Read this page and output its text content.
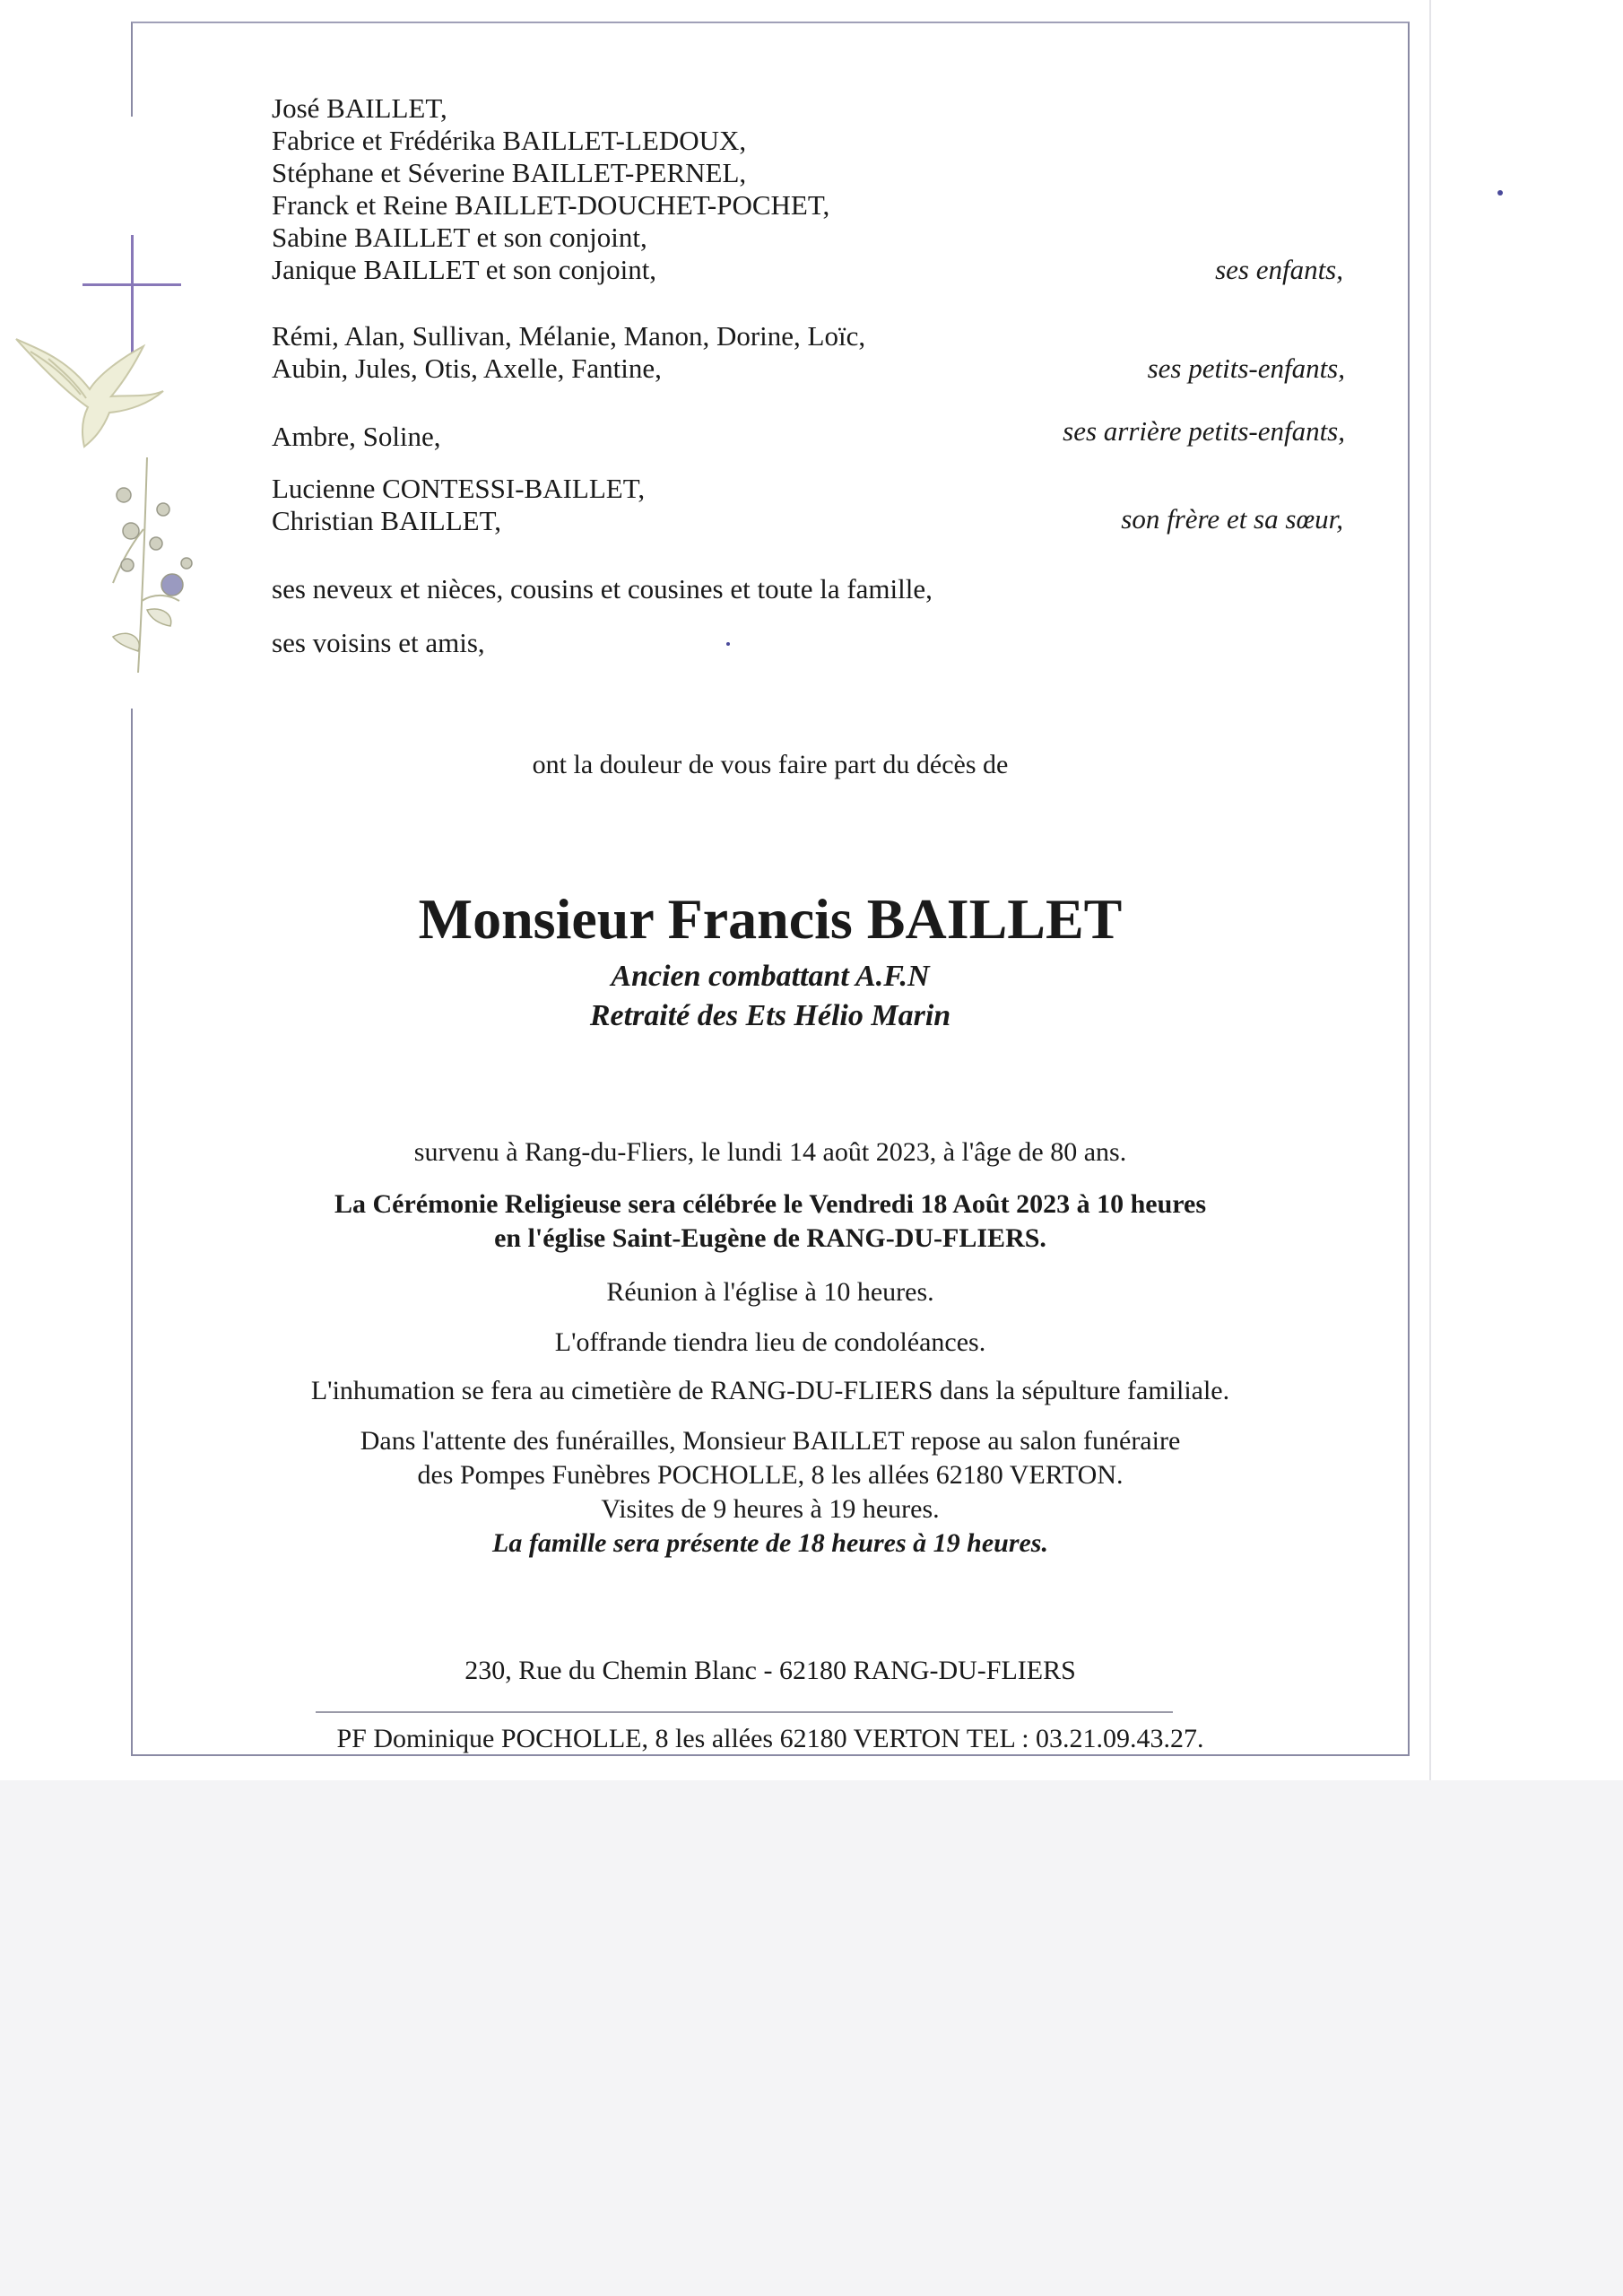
José BAILLET,
Fabrice et Frédérika BAILLET-LEDOUX,
Stéphane et Séverine BAILLET-PERNEL,
Franck et Reine BAILLET-DOUCHET-POCHET,
Sabine BAILLET et son conjoint,
Janique BAILLET et son conjoint,	ses enfants,
Rémi, Alan, Sullivan, Mélanie, Manon, Dorine, Loïc,
Aubin, Jules, Otis, Axelle, Fantine,	ses petits-enfants,
Ambre, Soline,	ses arrière petits-enfants,
Lucienne CONTESSI-BAILLET,
Christian BAILLET,	son frère et sa sœur,
ses neveux et nièces, cousins et cousines et toute la famille,
ses voisins et amis,
ont la douleur de vous faire part du décès de
Monsieur Francis BAILLET
Ancien combattant A.F.N
Retraité des Ets Hélio Marin
survenu à Rang-du-Fliers, le lundi 14 août 2023, à l'âge de 80 ans.
La Cérémonie Religieuse sera célébrée le Vendredi 18 Août 2023 à 10 heures
en l'église Saint-Eugène de RANG-DU-FLIERS.
Réunion à l'église à 10 heures.
L'offrande tiendra lieu de condoléances.
L'inhumation se fera au cimetière de RANG-DU-FLIERS dans la sépulture familiale.
Dans l'attente des funérailles, Monsieur BAILLET repose au salon funéraire
des Pompes Funèbres POCHOLLE, 8 les allées 62180 VERTON.
Visites de 9 heures à 19 heures.
La famille sera présente de 18 heures à 19 heures.
230, Rue du Chemin Blanc - 62180 RANG-DU-FLIERS
PF Dominique POCHOLLE, 8 les allées 62180 VERTON TEL : 03.21.09.43.27.
